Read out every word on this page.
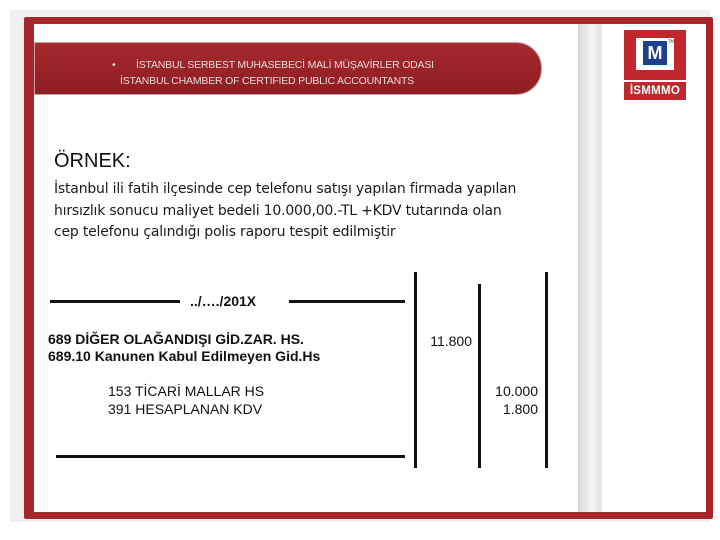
• İSTANBUL SERBEST MUHASEBECİ MALİ MÜŞAVİRLER ODASI
İSTANBUL CHAMBER OF CERTIFIED PUBLIC ACCOUNTANTS
M
TM
İSMMMO
ÖRNEK:
İstanbul ili fatih ilçesinde cep telefonu satışı yapılan firmada yapılan
hırsızlık sonucu maliyet bedeli 10.000,00.-TL +KDV tutarında olan
cep telefonu çalındığı polis raporu tespit edilmiştir
../…./201X
689 DİĞER OLAĞANDIŞI GİD.ZAR. HS.
689.10 Kanunen Kabul Edilmeyen Gid.Hs
11.800
153 TİCARİ MALLAR HS
391 HESAPLANAN KDV
10.000
1.800
